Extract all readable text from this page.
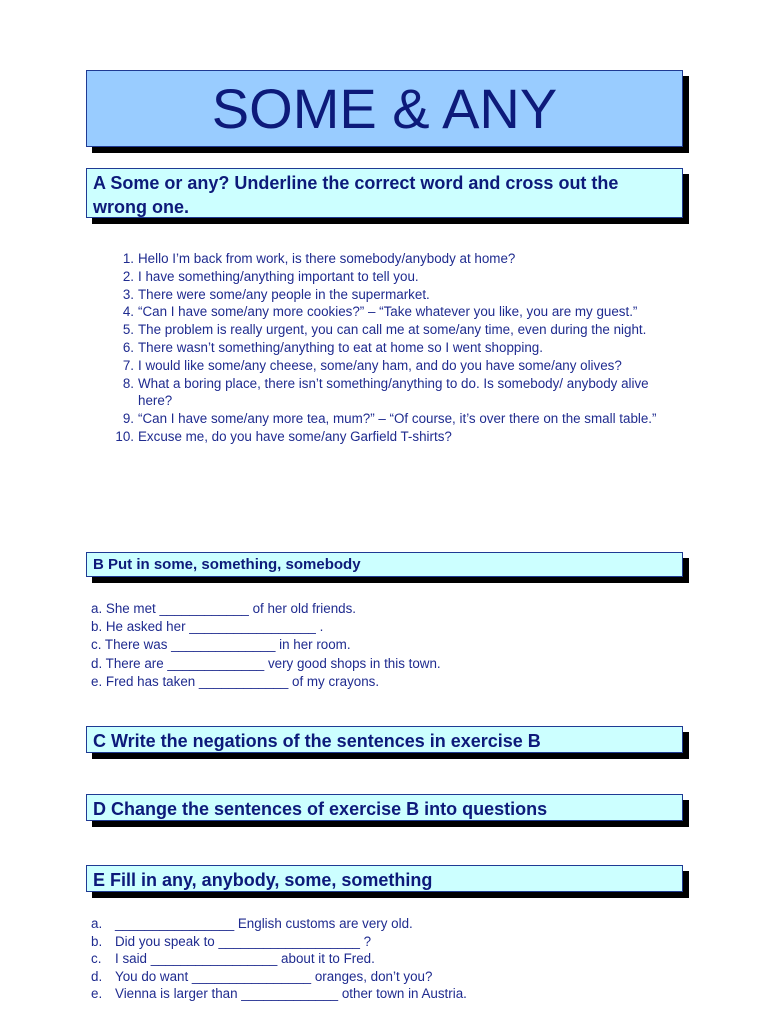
SOME & ANY
A Some or any? Underline the correct word and cross out the wrong one.
1. Hello I’m back from work, is there somebody/anybody at home?
2. I have something/anything important to tell you.
3. There were some/any people in the supermarket.
4. “Can I have some/any more cookies?” – “Take whatever you like, you are my guest.”
5. The problem is really urgent, you can call me at some/any time, even during the night.
6. There wasn’t something/anything to eat at home so I went shopping.
7. I would like some/any cheese, some/any ham, and do you have some/any olives?
8. What a boring place, there isn’t something/anything to do. Is somebody/ anybody alive here?
9. “Can I have some/any more tea, mum?” – “Of course, it’s over there on the small table.”
10. Excuse me, do you have some/any Garfield T-shirts?
B Put in some, something, somebody
a. She met ____________ of her old friends.
b. He asked her _________________ .
c. There was ______________ in her room.
d. There are _____________ very good shops in this town.
e. Fred has taken ____________ of my crayons.
C Write the negations of the sentences in exercise B
D Change the sentences of exercise B into questions
E Fill in any, anybody, some, something
a. ________________ English customs are very old.
b. Did you speak to ___________________ ?
c. I said _________________ about it to Fred.
d. You do want ________________ oranges, don’t you?
e. Vienna is larger than _____________ other town in Austria.
